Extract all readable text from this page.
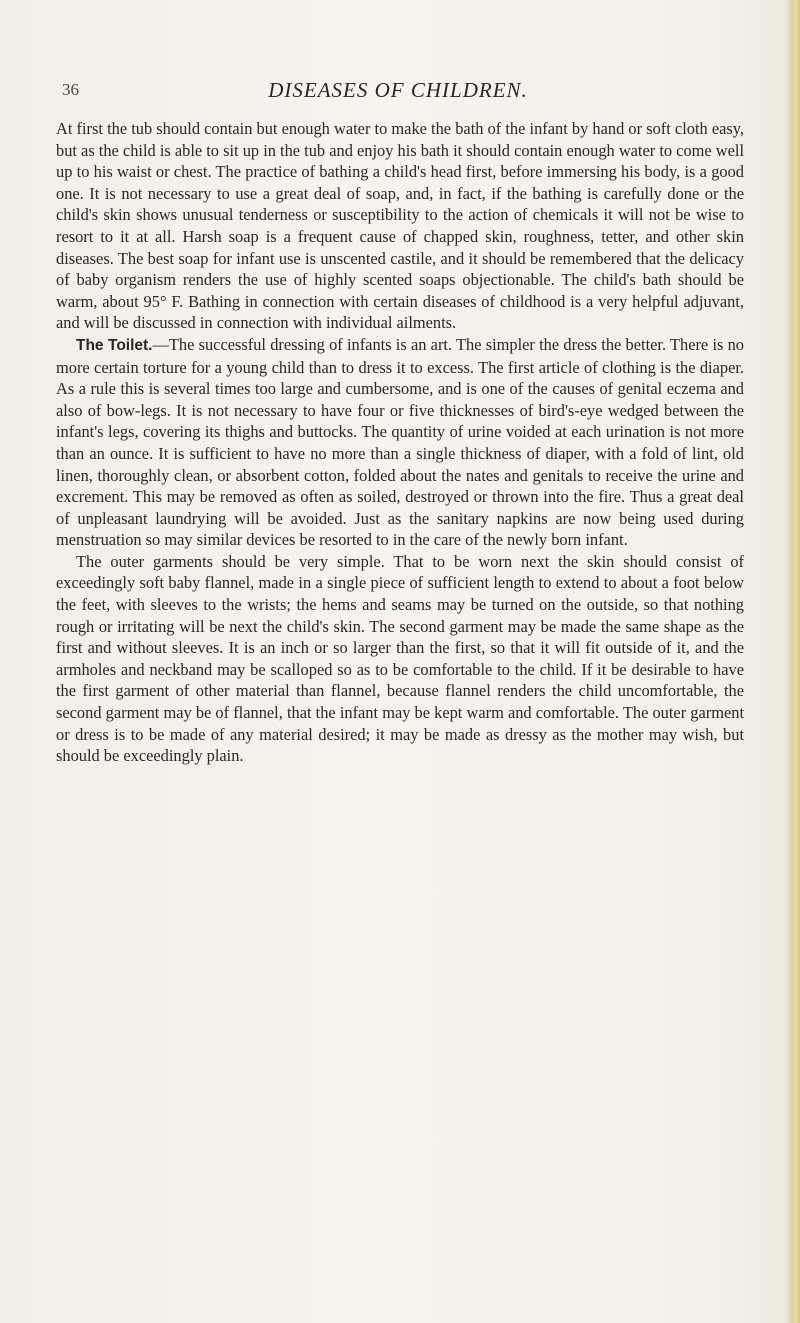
36	DISEASES OF CHILDREN.

At first the tub should contain but enough water to make the bath of the infant by hand or soft cloth easy, but as the child is able to sit up in the tub and enjoy his bath it should contain enough water to come well up to his waist or chest. The practice of bathing a child's head first, before immersing his body, is a good one. It is not necessary to use a great deal of soap, and, in fact, if the bathing is carefully done or the child's skin shows unusual tenderness or susceptibility to the action of chemicals it will not be wise to resort to it at all. Harsh soap is a frequent cause of chapped skin, roughness, tetter, and other skin diseases. The best soap for infant use is unscented castile, and it should be remembered that the delicacy of baby organism renders the use of highly scented soaps objectionable. The child's bath should be warm, about 95° F. Bathing in connection with certain diseases of childhood is a very helpful adjuvant, and will be discussed in connection with individual ailments.

The Toilet.—The successful dressing of infants is an art. The simpler the dress the better. There is no more certain torture for a young child than to dress it to excess. The first article of clothing is the diaper. As a rule this is several times too large and cumbersome, and is one of the causes of genital eczema and also of bow-legs. It is not necessary to have four or five thicknesses of bird's-eye wedged between the infant's legs, covering its thighs and buttocks. The quantity of urine voided at each urination is not more than an ounce. It is sufficient to have no more than a single thickness of diaper, with a fold of lint, old linen, thoroughly clean, or absorbent cotton, folded about the nates and genitals to receive the urine and excrement. This may be removed as often as soiled, destroyed or thrown into the fire. Thus a great deal of unpleasant laundrying will be avoided. Just as the sanitary napkins are now being used during menstruation so may similar devices be resorted to in the care of the newly born infant.

The outer garments should be very simple. That to be worn next the skin should consist of exceedingly soft baby flannel, made in a single piece of sufficient length to extend to about a foot below the feet, with sleeves to the wrists; the hems and seams may be turned on the outside, so that nothing rough or irritating will be next the child's skin. The second garment may be made the same shape as the first and without sleeves. It is an inch or so larger than the first, so that it will fit outside of it, and the armholes and neckband may be scalloped so as to be comfortable to the child. If it be desirable to have the first garment of other material than flannel, because flannel renders the child uncomfortable, the second garment may be of flannel, that the infant may be kept warm and comfortable. The outer garment or dress is to be made of any material desired; it may be made as dressy as the mother may wish, but should be exceedingly plain.
